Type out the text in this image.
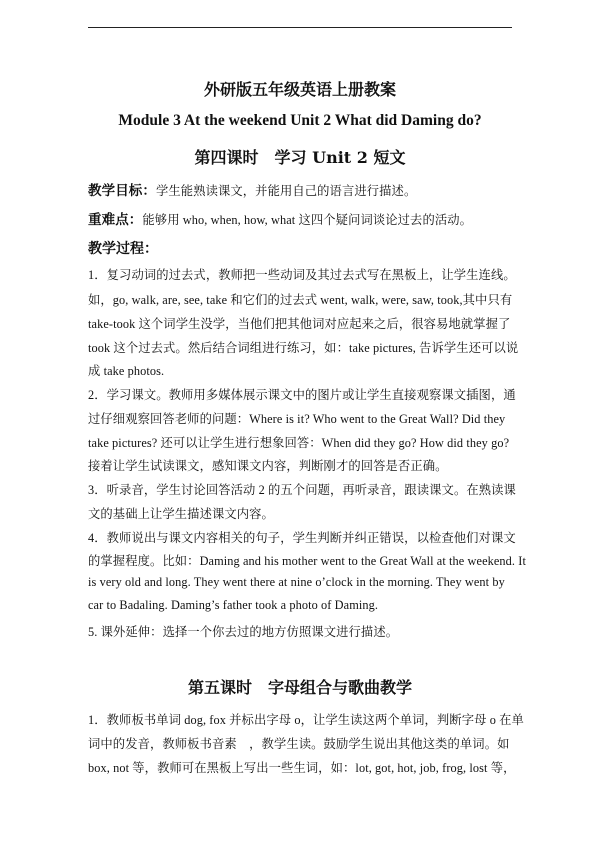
外研版五年级英语上册教案
Module 3 At the weekend Unit 2 What did Daming do?
第四课时　学习 Unit 2 短文
教学目标：学生能熟读课文，并能用自己的语言进行描述。
重难点：能够用 who, when, how, what 这四个疑问词谈论过去的活动。
教学过程：
1．复习动词的过去式，教师把一些动词及其过去式写在黑板上，让学生连线。
如，go, walk, are, see, take 和它们的过去式 went, walk, were, saw, took,其中只有
take-took 这个词学生没学，当他们把其他词对应起来之后，很容易地就掌握了
took 这个过去式。然后结合词组进行练习，如：take pictures, 告诉学生还可以说
成 take photos.
2．学习课文。教师用多媒体展示课文中的图片或让学生直接观察课文插图，通
过仔细观察回答老师的问题：Where is it? Who went to the Great Wall? Did they
take pictures? 还可以让学生进行想象回答：When did they go? How did they go?
接着让学生试读课文，感知课文内容，判断刚才的回答是否正确。
3．听录音，学生讨论回答活动 2 的五个问题，再听录音，跟读课文。在熟读课
文的基础上让学生描述课文内容。
4．教师说出与课文内容相关的句子，学生判断并纠正错误，以检查他们对课文
的掌握程度。比如：Daming and his mother went to the Great Wall at the weekend. It
is very old and long. They went there at nine o’clock in the morning. They went by
car to Badaling. Daming’s father took a photo of Daming.
5. 课外延伸：选择一个你去过的地方仿照课文进行描述。
第五课时　字母组合与歌曲教学
1．教师板书单词 dog, fox 并标出字母 o，让学生读这两个单词，判断字母 o 在单
词中的发音，教师板书音素　，教学生读。鼓励学生说出其他这类的单词。如
box, not 等，教师可在黑板上写出一些生词，如：lot, got, hot, job, frog, lost 等，
